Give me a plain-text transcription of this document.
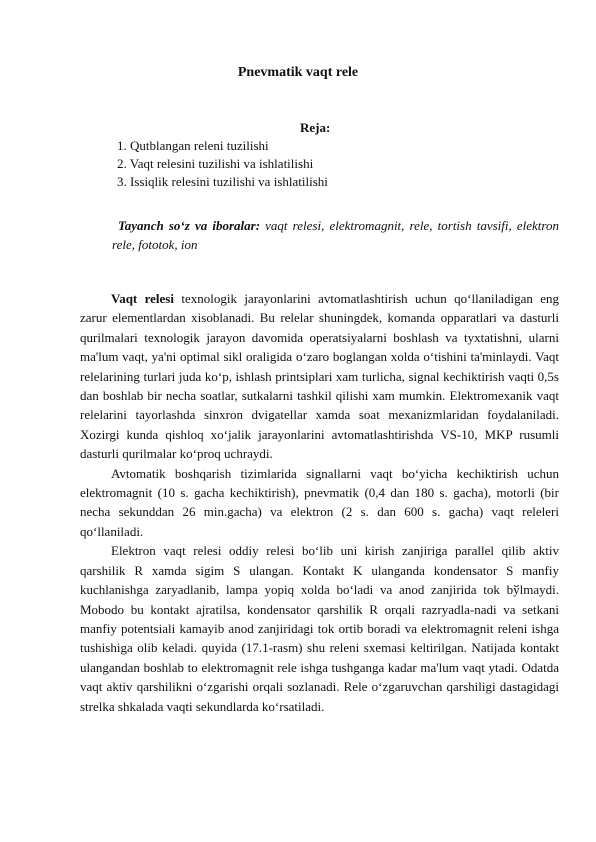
Pnevmatik vaqt rele
Reja:
1. Qutblangan releni tuzilishi
2. Vaqt relesini tuzilishi va ishlatilishi
3. Issiqlik relesini tuzilishi va ishlatilishi
Tayanch so‘z va iboralar: vaqt relesi, elektromagnit, rele, tortish tavsifi, elektron rele, fototok, ion

Vaqt relesi texnologik jarayonlarini avtomatlashtirish uchun qo‘llaniladigan eng zarur elementlardan xisoblanadi. Bu relelar shuningdek, komanda opparatlari va dasturli qurilmalari texnologik jarayon davomida operatsiyalarni boshlash va tyxtatishni, ularni ma'lum vaqt, ya'ni optimal sikl oraligida o‘zaro boglangan xolda o‘tishini ta'minlaydi. Vaqt relelarining turlari juda ko‘p, ishlash printsiplari xam turlicha, signal kechiktirish vaqti 0,5s dan boshlab bir necha soatlar, sutkalarni tashkil qilishi xam mumkin. Elektromexanik vaqt relelarini tayorlashda sinxron dvigatellar xamda soat mexanizmlaridan foydalaniladi. Xozirgi kunda qishloq xo‘jalik jarayonlarini avtomatlashtirishda VS-10, MKP rusumli dasturli qurilmalar ko‘proq uchraydi.

Avtomatik boshqarish tizimlarida signallarni vaqt bo‘yicha kechiktirish uchun elektromagnit (10 s. gacha kechiktirish), pnevmatik (0,4 dan 180 s. gacha), motorli (bir necha sekunddan 26 min.gacha) va elektron (2 s. dan 600 s. gacha) vaqt releleri qo‘llaniladi.

Elektron vaqt relesi oddiy relesi bo‘lib uni kirish zanjiriga parallel qilib aktiv qarshilik R xamda sigim S ulangan. Kontakt K ulanganda kondensator S manfiy kuchlanishga zaryadlanib, lampa yopiq xolda bo‘ladi va anod zanjirida tok bўlmaydi. Mobodo bu kontakt ajratilsa, kondensator qarshilik R orqali razryadla-nadi va setkani manfiy potentsiali kamayib anod zanjiridagi tok ortib boradi va elektromagnit releni ishga tushishiga olib keladi. quyida (17.1-rasm) shu releni sxemasi keltirilgan. Natijada kontakt ulangandan boshlab to elektromagnit rele ishga tushganga kadar ma'lum vaqt ytadi. Odatda vaqt aktiv qarshilikni o‘zgarishi orqali sozlanadi. Rele o‘zgaruvchan qarshiligi dastagidagi strelka shkalada vaqti sekundlarda ko‘rsatiladi.
